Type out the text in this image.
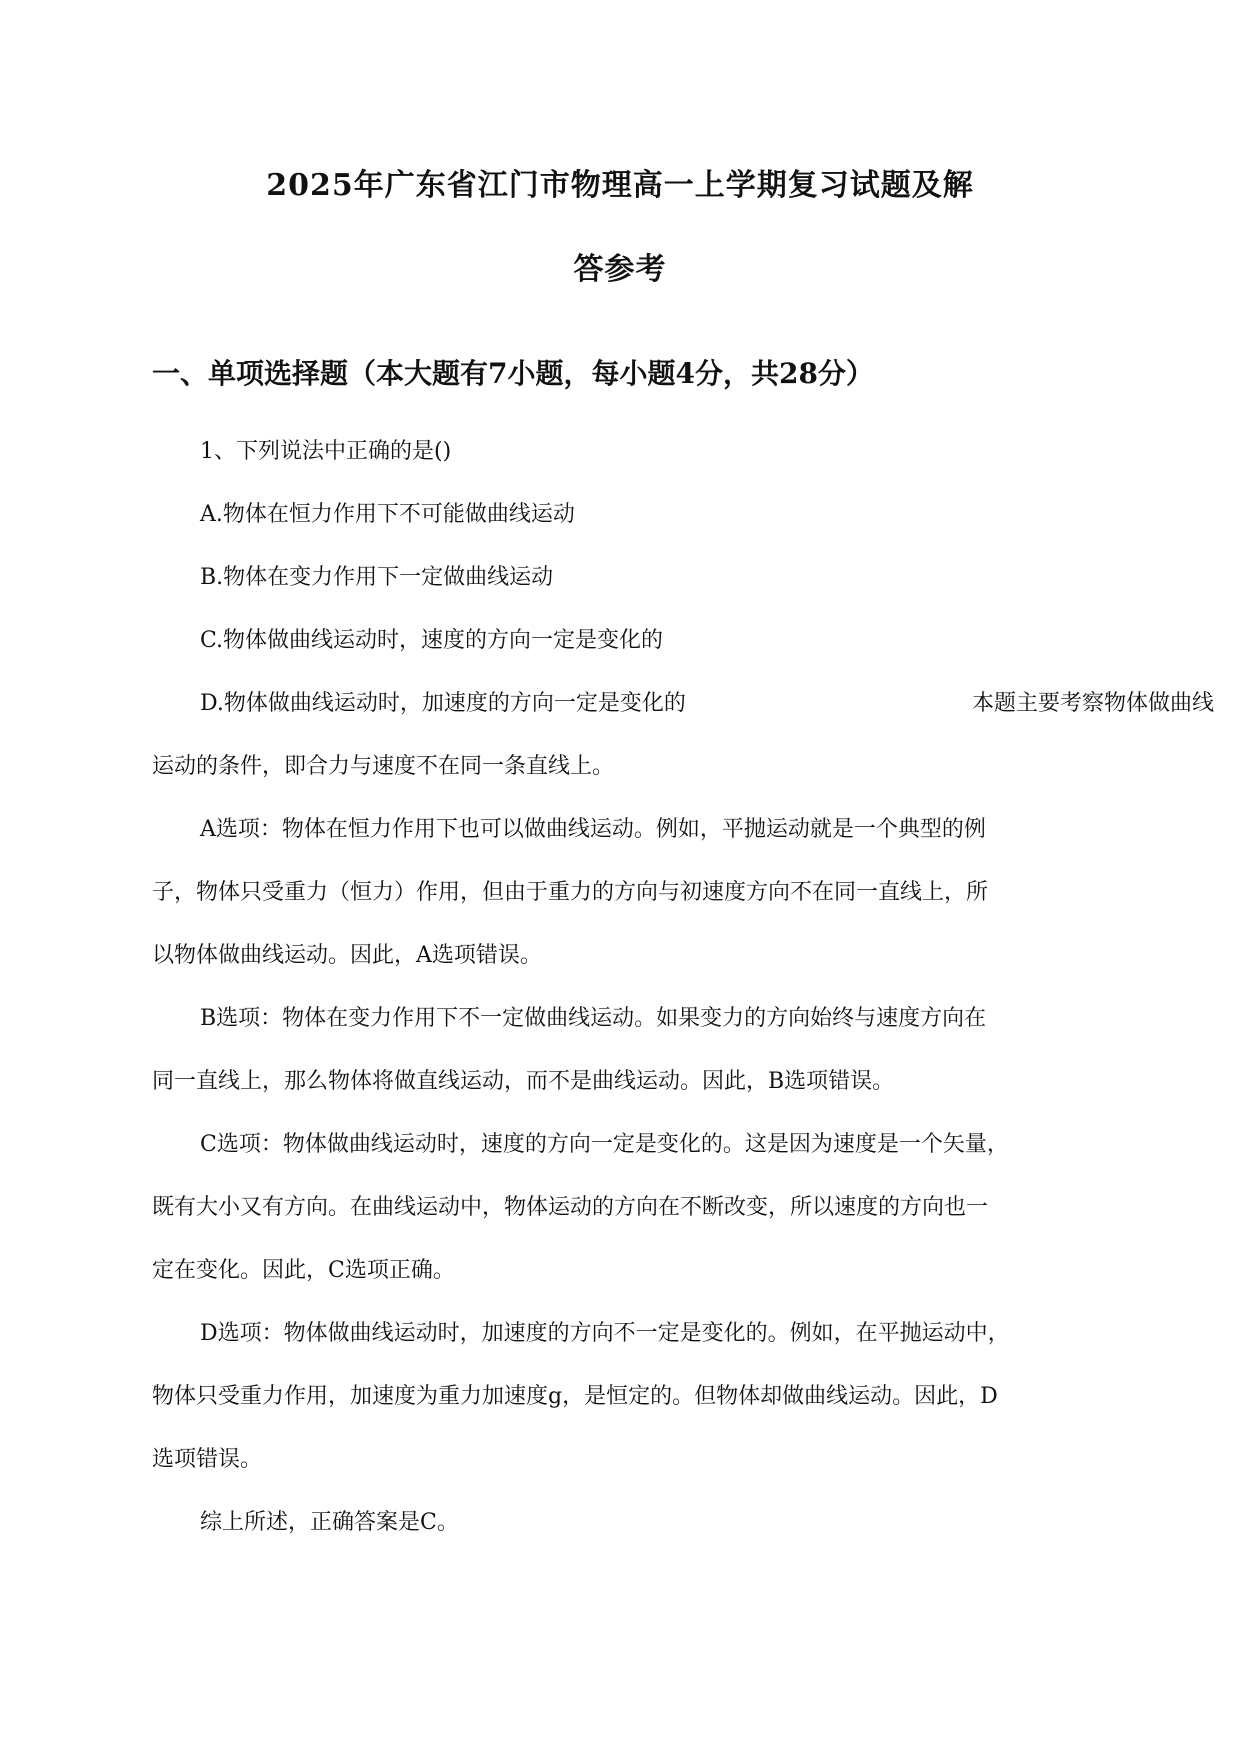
2025年广东省江门市物理高一上学期复习试题及解
答参考
一、单项选择题（本大题有7小题，每小题4分，共28分）
1、下列说法中正确的是()
A.物体在恒力作用下不可能做曲线运动
B.物体在变力作用下一定做曲线运动
C.物体做曲线运动时，速度的方向一定是变化的
D.物体做曲线运动时，加速度的方向一定是变化的	本题主要考察物体做曲线
运动的条件，即合力与速度不在同一条直线上。
A选项：物体在恒力作用下也可以做曲线运动。例如，平抛运动就是一个典型的例
子，物体只受重力（恒力）作用，但由于重力的方向与初速度方向不在同一直线上，所
以物体做曲线运动。因此，A选项错误。
B选项：物体在变力作用下不一定做曲线运动。如果变力的方向始终与速度方向在
同一直线上，那么物体将做直线运动，而不是曲线运动。因此，B选项错误。
C选项：物体做曲线运动时，速度的方向一定是变化的。这是因为速度是一个矢量，
既有大小又有方向。在曲线运动中，物体运动的方向在不断改变，所以速度的方向也一
定在变化。因此，C选项正确。
D选项：物体做曲线运动时，加速度的方向不一定是变化的。例如，在平抛运动中，
物体只受重力作用，加速度为重力加速度g，是恒定的。但物体却做曲线运动。因此，D
选项错误。
综上所述，正确答案是C。
